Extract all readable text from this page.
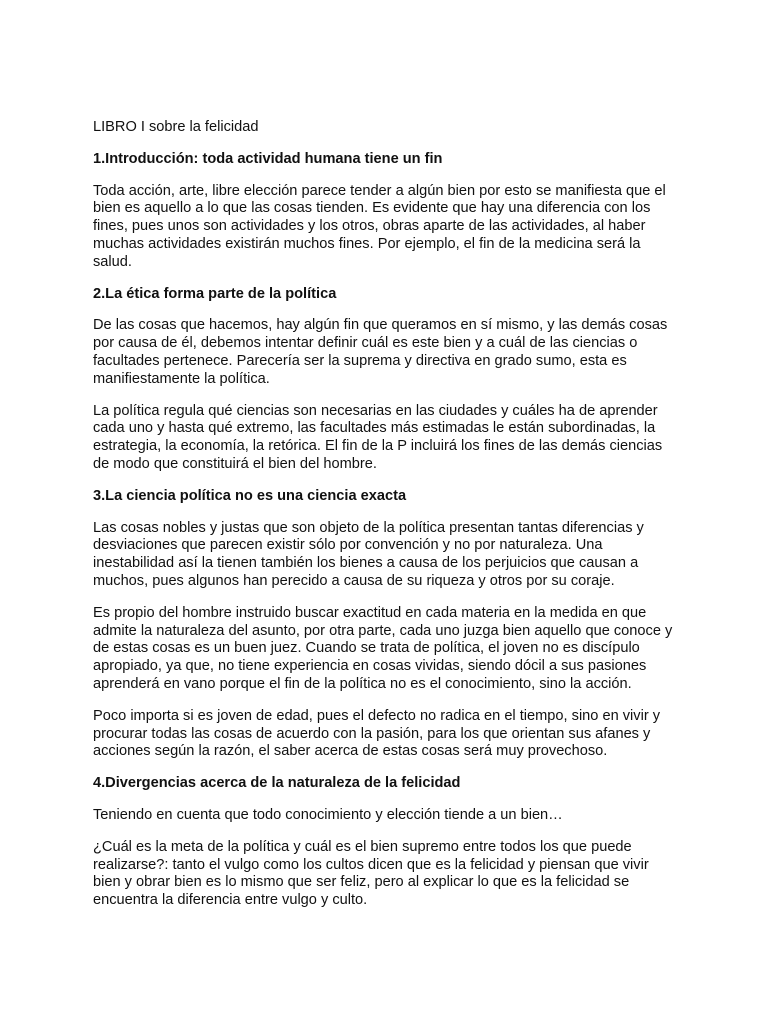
LIBRO I sobre la felicidad

1.Introducción: toda actividad humana tiene un fin

Toda acción, arte, libre elección parece tender a algún bien por esto se manifiesta que el bien es aquello a lo que las cosas tienden. Es evidente que hay una diferencia con los fines, pues unos son actividades y los otros, obras aparte de las actividades, al haber muchas actividades existirán muchos fines. Por ejemplo, el fin de la medicina será la salud.

2.La ética forma parte de la política

De las cosas que hacemos, hay algún fin que queramos en sí mismo, y las demás cosas por causa de él, debemos intentar definir cuál es este bien y a cuál de las ciencias o facultades pertenece. Parecería ser la suprema y directiva en grado sumo, esta es manifiestamente la política.

La política regula qué ciencias son necesarias en las ciudades y cuáles ha de aprender cada uno y hasta qué extremo, las facultades más estimadas le están subordinadas, la estrategia, la economía, la retórica. El fin de la P incluirá los fines de las demás ciencias de modo que constituirá el bien del hombre.

3.La ciencia política no es una ciencia exacta

Las cosas nobles y justas que son objeto de la política presentan tantas diferencias y desviaciones que parecen existir sólo por convención y no por naturaleza. Una inestabilidad así la tienen también los bienes a causa de los perjuicios que causan a muchos, pues algunos han perecido a causa de su riqueza y otros por su coraje.

Es propio del hombre instruido buscar exactitud en cada materia en la medida en que admite la naturaleza del asunto, por otra parte, cada uno juzga bien aquello que conoce y de estas cosas es un buen juez. Cuando se trata de política, el joven no es discípulo apropiado, ya que, no tiene experiencia en cosas vividas, siendo dócil a sus pasiones aprenderá en vano porque el fin de la política no es el conocimiento, sino la acción.

Poco importa si es joven de edad, pues el defecto no radica en el tiempo, sino en vivir y procurar todas las cosas de acuerdo con la pasión, para los que orientan sus afanes y acciones según la razón, el saber acerca de estas cosas será muy provechoso.

4.Divergencias acerca de la naturaleza de la felicidad

Teniendo en cuenta que todo conocimiento y elección tiende a un bien…

¿Cuál es la meta de la política y cuál es el bien supremo entre todos los que puede realizarse?: tanto el vulgo como los cultos dicen que es la felicidad y piensan que vivir bien y obrar bien es lo mismo que ser feliz, pero al explicar lo que es la felicidad se encuentra la diferencia entre vulgo y culto.
